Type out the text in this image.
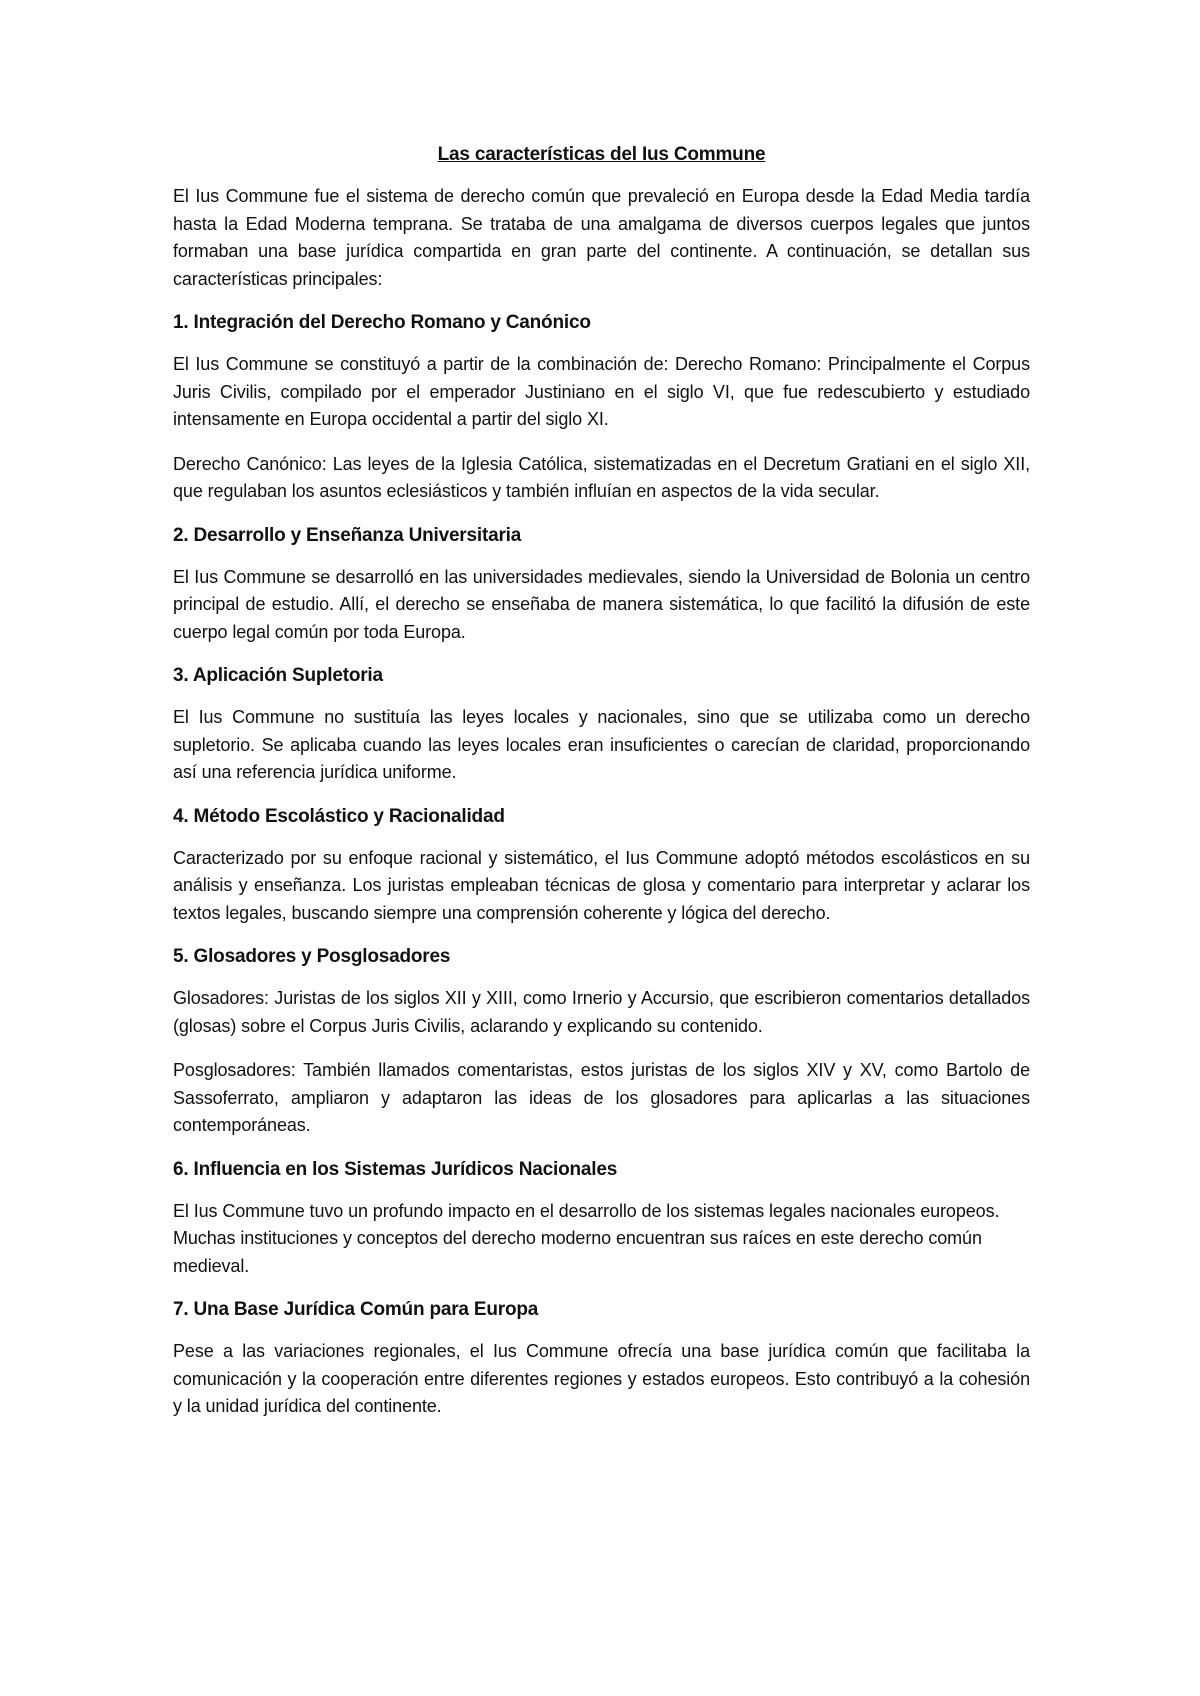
Las características del Ius Commune

El Ius Commune fue el sistema de derecho común que prevaleció en Europa desde la Edad Media tardía hasta la Edad Moderna temprana. Se trataba de una amalgama de diversos cuerpos legales que juntos formaban una base jurídica compartida en gran parte del continente. A continuación, se detallan sus características principales:

1. Integración del Derecho Romano y Canónico

El Ius Commune se constituyó a partir de la combinación de: Derecho Romano: Principalmente el Corpus Juris Civilis, compilado por el emperador Justiniano en el siglo VI, que fue redescubierto y estudiado intensamente en Europa occidental a partir del siglo XI.

Derecho Canónico: Las leyes de la Iglesia Católica, sistematizadas en el Decretum Gratiani en el siglo XII, que regulaban los asuntos eclesiásticos y también influían en aspectos de la vida secular.

2. Desarrollo y Enseñanza Universitaria

El Ius Commune se desarrolló en las universidades medievales, siendo la Universidad de Bolonia un centro principal de estudio. Allí, el derecho se enseñaba de manera sistemática, lo que facilitó la difusión de este cuerpo legal común por toda Europa.

3. Aplicación Supletoria

El Ius Commune no sustituía las leyes locales y nacionales, sino que se utilizaba como un derecho supletorio. Se aplicaba cuando las leyes locales eran insuficientes o carecían de claridad, proporcionando así una referencia jurídica uniforme.

4. Método Escolástico y Racionalidad

Caracterizado por su enfoque racional y sistemático, el Ius Commune adoptó métodos escolásticos en su análisis y enseñanza. Los juristas empleaban técnicas de glosa y comentario para interpretar y aclarar los textos legales, buscando siempre una comprensión coherente y lógica del derecho.

5. Glosadores y Posglosadores

Glosadores: Juristas de los siglos XII y XIII, como Irnerio y Accursio, que escribieron comentarios detallados (glosas) sobre el Corpus Juris Civilis, aclarando y explicando su contenido.

Posglosadores: También llamados comentaristas, estos juristas de los siglos XIV y XV, como Bartolo de Sassoferrato, ampliaron y adaptaron las ideas de los glosadores para aplicarlas a las situaciones contemporáneas.

6. Influencia en los Sistemas Jurídicos Nacionales

El Ius Commune tuvo un profundo impacto en el desarrollo de los sistemas legales nacionales europeos. Muchas instituciones y conceptos del derecho moderno encuentran sus raíces en este derecho común medieval.

7. Una Base Jurídica Común para Europa

Pese a las variaciones regionales, el Ius Commune ofrecía una base jurídica común que facilitaba la comunicación y la cooperación entre diferentes regiones y estados europeos. Esto contribuyó a la cohesión y la unidad jurídica del continente.
